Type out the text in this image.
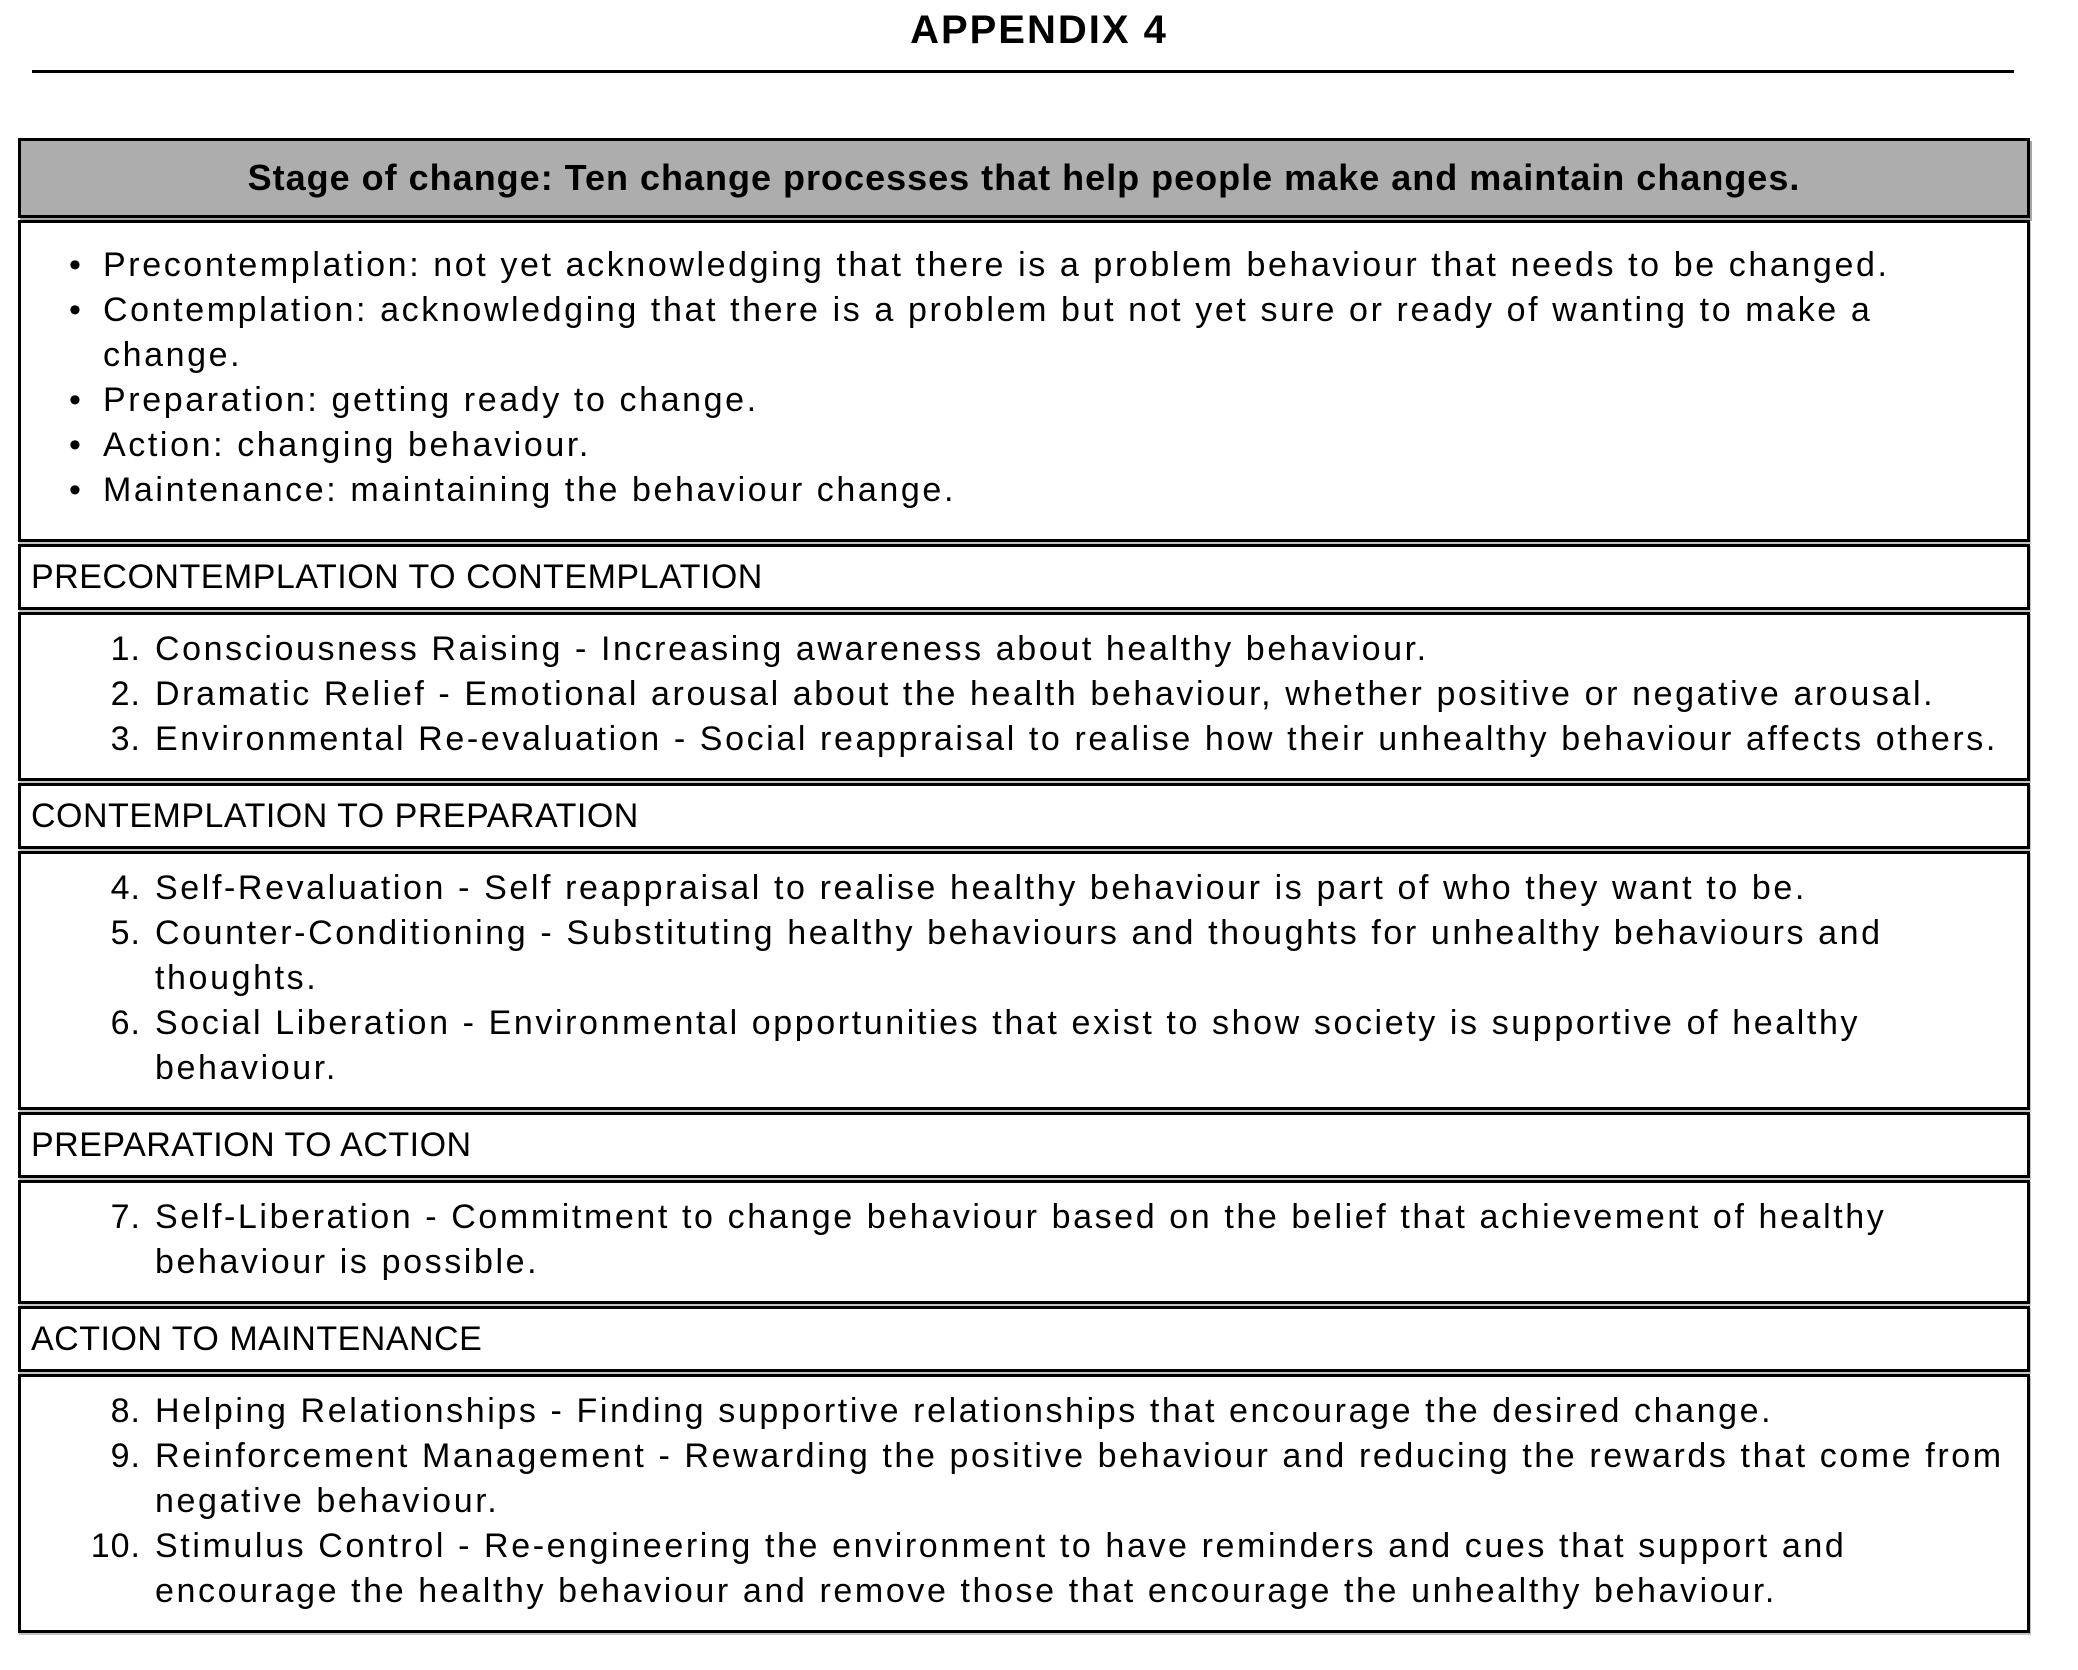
APPENDIX 4
Stage of change: Ten change processes that help people make and maintain changes.
• Precontemplation: not yet acknowledging that there is a problem behaviour that needs to be changed.
• Contemplation: acknowledging that there is a problem but not yet sure or ready of wanting to make a change.
• Preparation: getting ready to change.
• Action: changing behaviour.
• Maintenance: maintaining the behaviour change.
PRECONTEMPLATION TO CONTEMPLATION
1. Consciousness Raising - Increasing awareness about healthy behaviour.
2. Dramatic Relief - Emotional arousal about the health behaviour, whether positive or negative arousal.
3. Environmental Re-evaluation - Social reappraisal to realise how their unhealthy behaviour affects others.
CONTEMPLATION TO PREPARATION
4. Self-Revaluation - Self reappraisal to realise healthy behaviour is part of who they want to be.
5. Counter-Conditioning - Substituting healthy behaviours and thoughts for unhealthy behaviours and thoughts.
6. Social Liberation - Environmental opportunities that exist to show society is supportive of healthy behaviour.
PREPARATION TO ACTION
7. Self-Liberation - Commitment to change behaviour based on the belief that achievement of healthy behaviour is possible.
ACTION TO MAINTENANCE
8. Helping Relationships - Finding supportive relationships that encourage the desired change.
9. Reinforcement Management - Rewarding the positive behaviour and reducing the rewards that come from negative behaviour.
10. Stimulus Control - Re-engineering the environment to have reminders and cues that support and encourage the healthy behaviour and remove those that encourage the unhealthy behaviour.
